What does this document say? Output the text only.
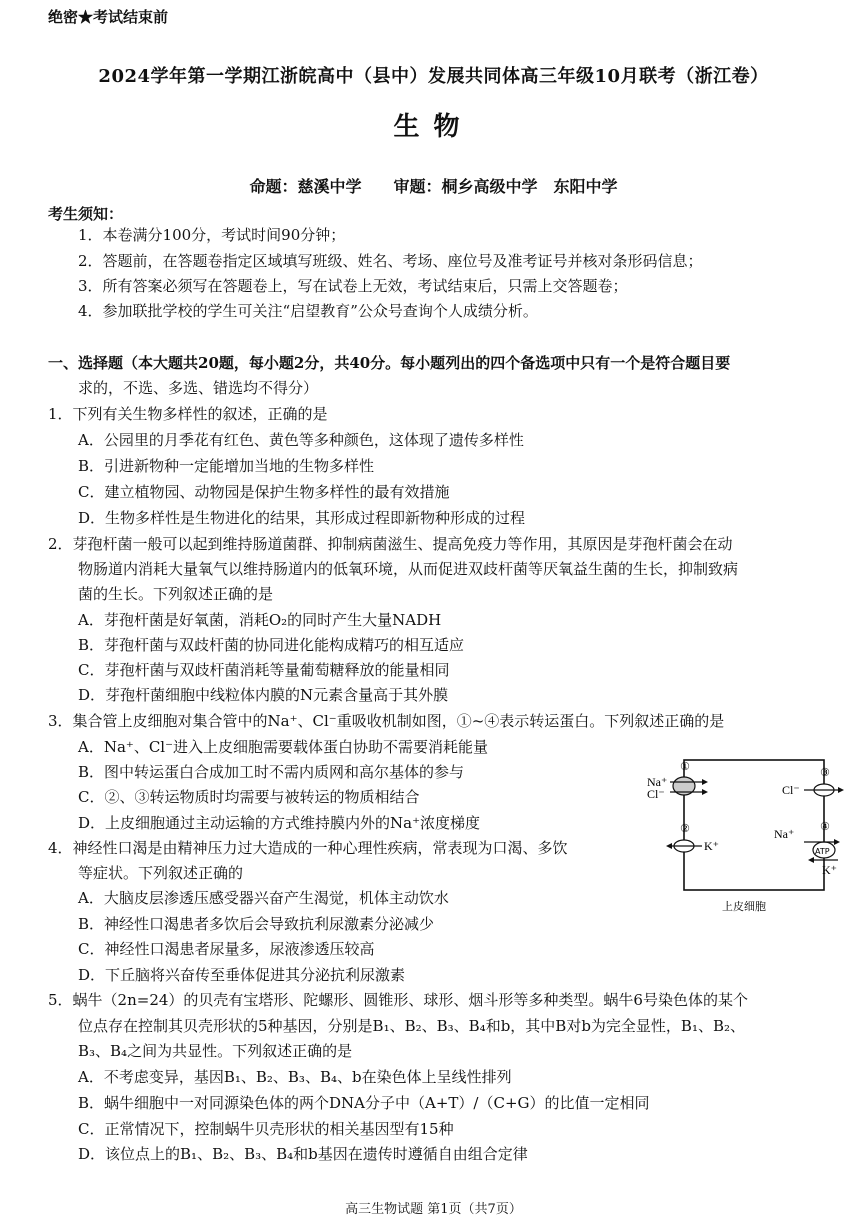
绝密★考试结束前
2024学年第一学期江浙皖高中（县中）发展共同体高三年级10月联考（浙江卷）
生物
命题：慈溪中学　　审题：桐乡高级中学　东阳中学
考生须知：
1．本卷满分100分，考试时间90分钟；
2．答题前，在答题卷指定区域填写班级、姓名、考场、座位号及准考证号并核对条形码信息；
3．所有答案必须写在答题卷上，写在试卷上无效，考试结束后，只需上交答题卷；
4．参加联批学校的学生可关注“启望教育”公众号查询个人成绩分析。
一、选择题（本大题共20题，每小题2分，共40分。每小题列出的四个备选项中只有一个是符合题目要
求的，不选、多选、错选均不得分）
1．下列有关生物多样性的叙述，正确的是
A．公园里的月季花有红色、黄色等多种颜色，这体现了遗传多样性
B．引进新物种一定能增加当地的生物多样性
C．建立植物园、动物园是保护生物多样性的最有效措施
D．生物多样性是生物进化的结果，其形成过程即新物种形成的过程
2．芽孢杆菌一般可以起到维持肠道菌群、抑制病菌滋生、提高免疫力等作用，其原因是芽孢杆菌会在动
物肠道内消耗大量氧气以维持肠道内的低氧环境，从而促进双歧杆菌等厌氧益生菌的生长，抑制致病
菌的生长。下列叙述正确的是
A．芽孢杆菌是好氧菌，消耗O₂的同时产生大量NADH
B．芽孢杆菌与双歧杆菌的协同进化能构成精巧的相互适应
C．芽孢杆菌与双歧杆菌消耗等量葡萄糖释放的能量相同
D．芽孢杆菌细胞中线粒体内膜的N元素含量高于其外膜
3．集合管上皮细胞对集合管中的Na⁺、Cl⁻重吸收机制如图，①~④表示转运蛋白。下列叙述正确的是
A．Na⁺、Cl⁻进入上皮细胞需要载体蛋白协助不需要消耗能量
B．图中转运蛋白合成加工时不需内质网和高尔基体的参与
C．②、③转运物质时均需要与被转运的物质相结合
D．上皮细胞通过主动运输的方式维持膜内外的Na⁺浓度梯度
4．神经性口渴是由精神压力过大造成的一种心理性疾病，常表现为口渴、多饮
等症状。下列叙述正确的
A．大脑皮层渗透压感受器兴奋产生渴觉，机体主动饮水
B．神经性口渴患者多饮后会导致抗利尿激素分泌减少
C．神经性口渴患者尿量多，尿液渗透压较高
D．下丘脑将兴奋传至垂体促进其分泌抗利尿激素
5．蜗牛（2n=24）的贝壳有宝塔形、陀螺形、圆锥形、球形、烟斗形等多种类型。蜗牛6号染色体的某个
位点存在控制其贝壳形状的5种基因，分别是B₁、B₂、B₃、B₄和b，其中B对b为完全显性，B₁、B₂、
B₃、B₄之间为共显性。下列叙述正确的是
A．不考虑变异，基因B₁、B₂、B₃、B₄、b在染色体上呈线性排列
B．蜗牛细胞中一对同源染色体的两个DNA分子中（A+T）/（C+G）的比值一定相同
C．正常情况下，控制蜗牛贝壳形状的相关基因型有15种
D．该位点上的B₁、B₂、B₃、B₄和b基因在遗传时遵循自由组合定律
Na⁺
Cl⁻
①
K⁺
②
Cl⁻
③
ATP
Na⁺
K⁺
④
上皮细胞
高三生物试题 第1页（共7页）
